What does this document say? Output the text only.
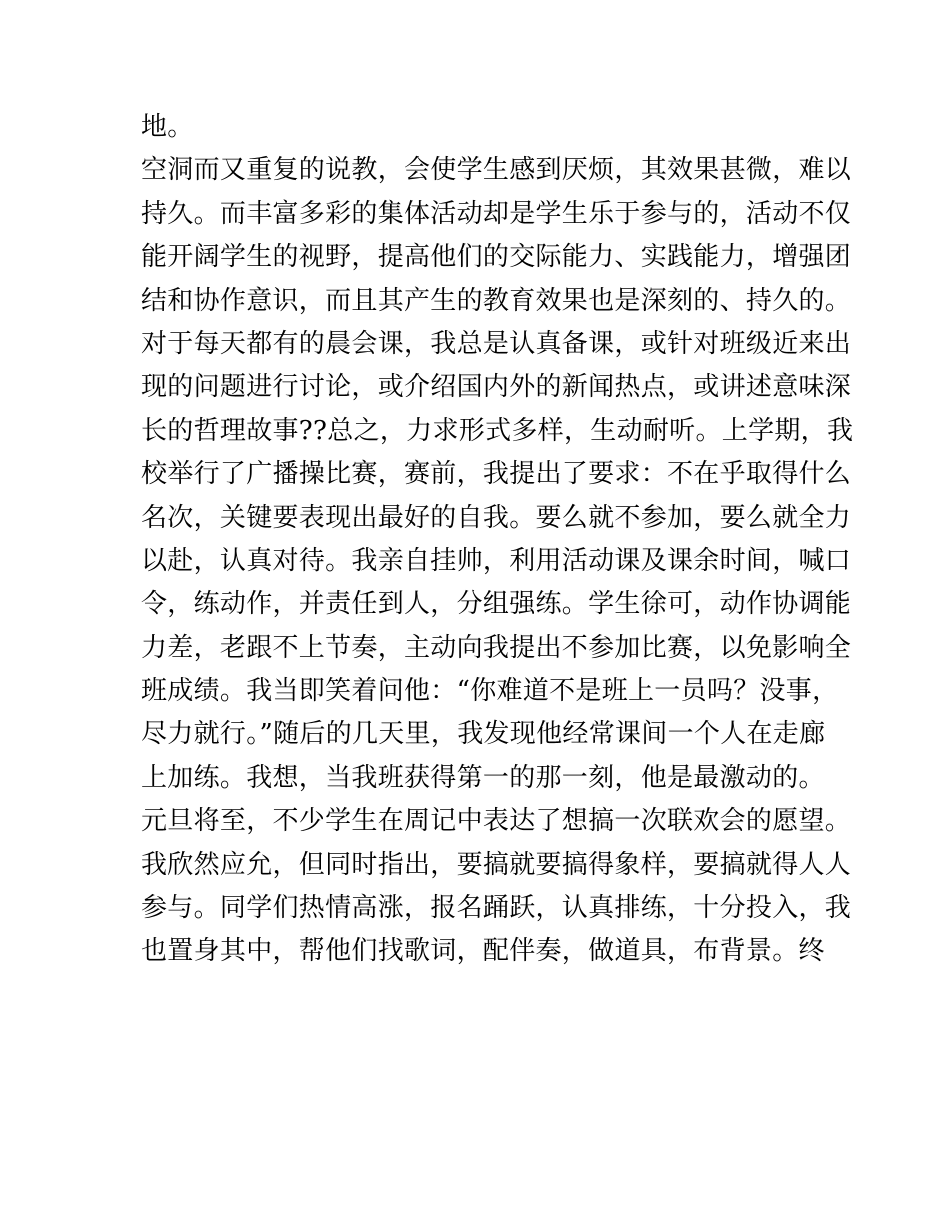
地。
空洞而又重复的说教，会使学生感到厌烦，其效果甚微，难以
持久。而丰富多彩的集体活动却是学生乐于参与的，活动不仅
能开阔学生的视野，提高他们的交际能力、实践能力，增强团
结和协作意识，而且其产生的教育效果也是深刻的、持久的。
对于每天都有的晨会课，我总是认真备课，或针对班级近来出
现的问题进行讨论，或介绍国内外的新闻热点，或讲述意味深
长的哲理故事??总之，力求形式多样，生动耐听。上学期，我
校举行了广播操比赛，赛前，我提出了要求：不在乎取得什么
名次，关键要表现出最好的自我。要么就不参加，要么就全力
以赴，认真对待。我亲自挂帅，利用活动课及课余时间，喊口
令，练动作，并责任到人，分组强练。学生徐可，动作协调能
力差，老跟不上节奏，主动向我提出不参加比赛，以免影响全
班成绩。我当即笑着问他：“你难道不是班上一员吗？没事，
尽力就行。”随后的几天里，我发现他经常课间一个人在走廊
上加练。我想，当我班获得第一的那一刻，他是最激动的。
元旦将至，不少学生在周记中表达了想搞一次联欢会的愿望。
我欣然应允，但同时指出，要搞就要搞得象样，要搞就得人人
参与。同学们热情高涨，报名踊跃，认真排练，十分投入，我
也置身其中，帮他们找歌词，配伴奏，做道具，布背景。终
